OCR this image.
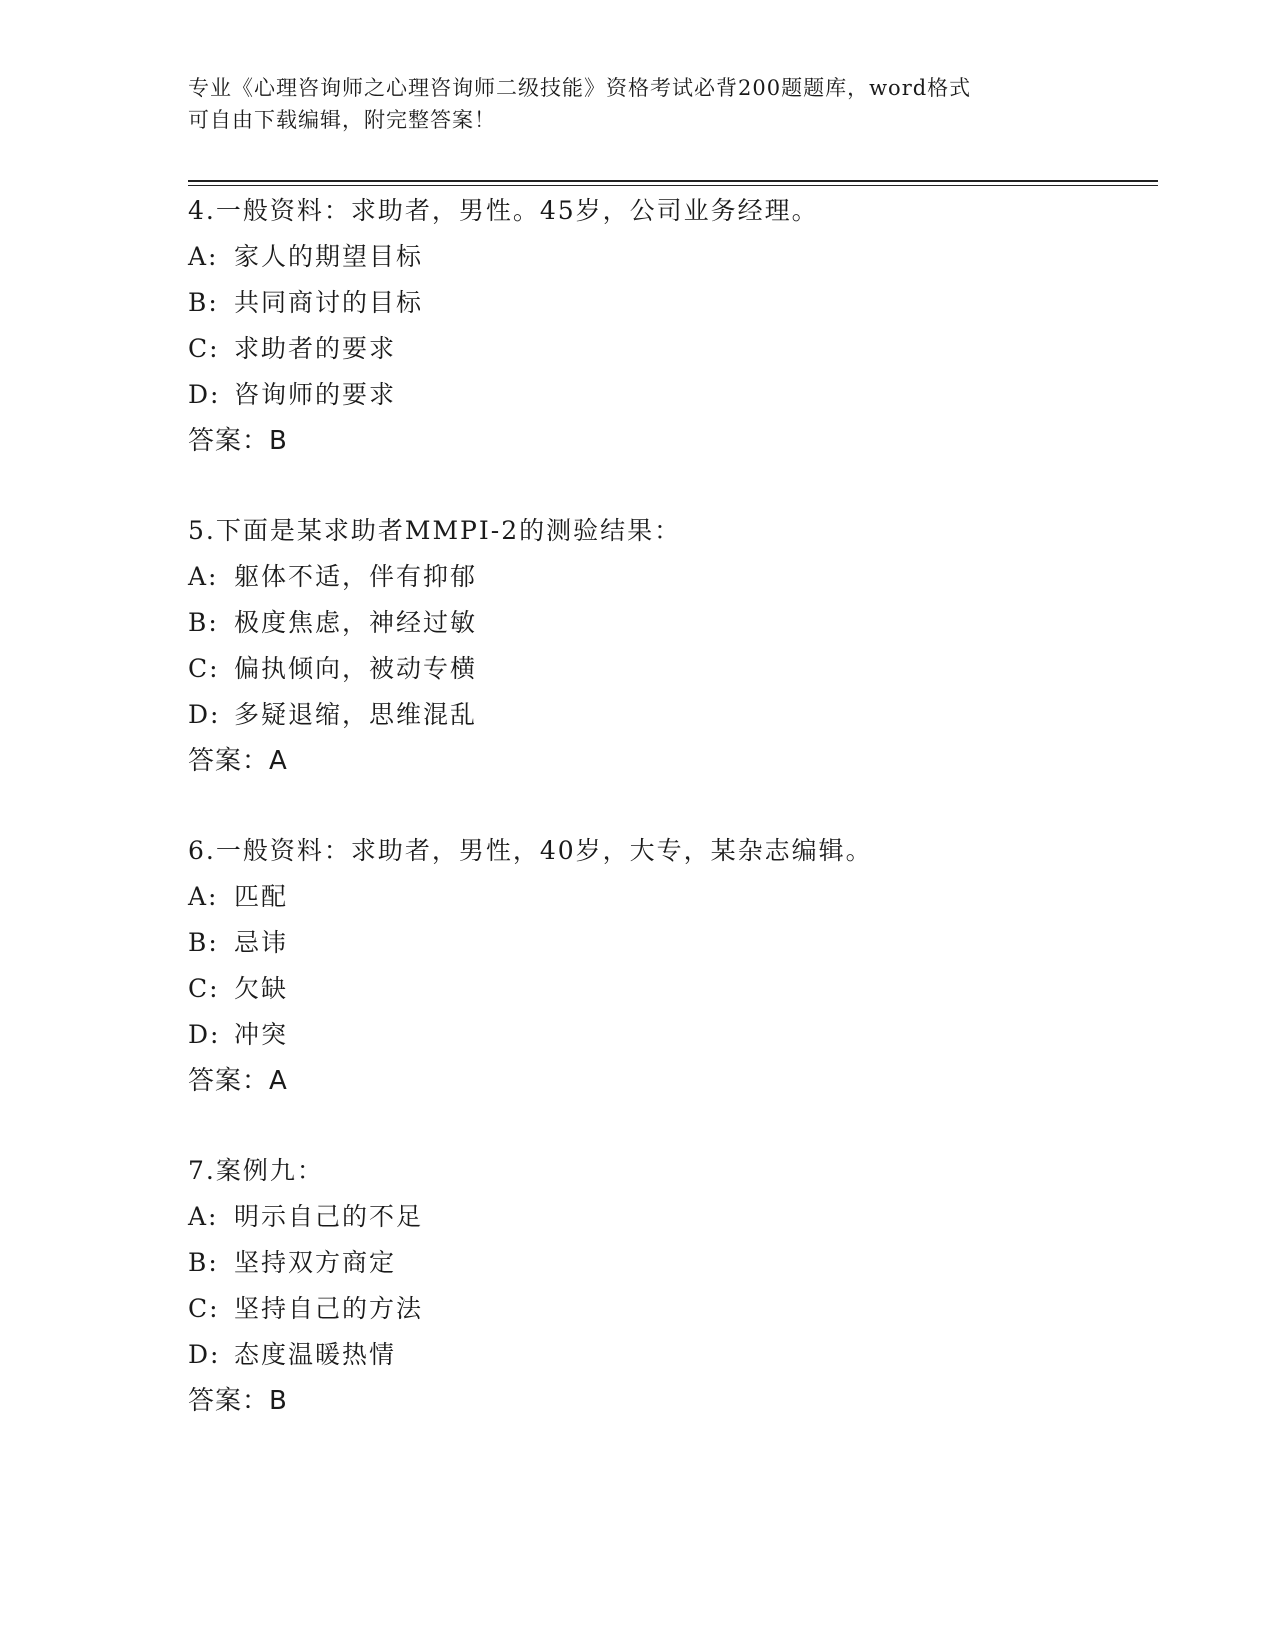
专业《心理咨询师之心理咨询师二级技能》资格考试必背200题题库，word格式
可自由下载编辑，附完整答案！
4.一般资料：求助者，男性。45岁，公司业务经理。
A: 家人的期望目标
B: 共同商讨的目标
C: 求助者的要求
D: 咨询师的要求
答案：B
5.下面是某求助者MMPI-2的测验结果：
A: 躯体不适，伴有抑郁
B: 极度焦虑，神经过敏
C: 偏执倾向，被动专横
D: 多疑退缩，思维混乱
答案：A
6.一般资料：求助者，男性，40岁，大专，某杂志编辑。
A: 匹配
B: 忌讳
C: 欠缺
D: 冲突
答案：A
7.案例九：
A: 明示自己的不足
B: 坚持双方商定
C: 坚持自己的方法
D: 态度温暖热情
答案：B
